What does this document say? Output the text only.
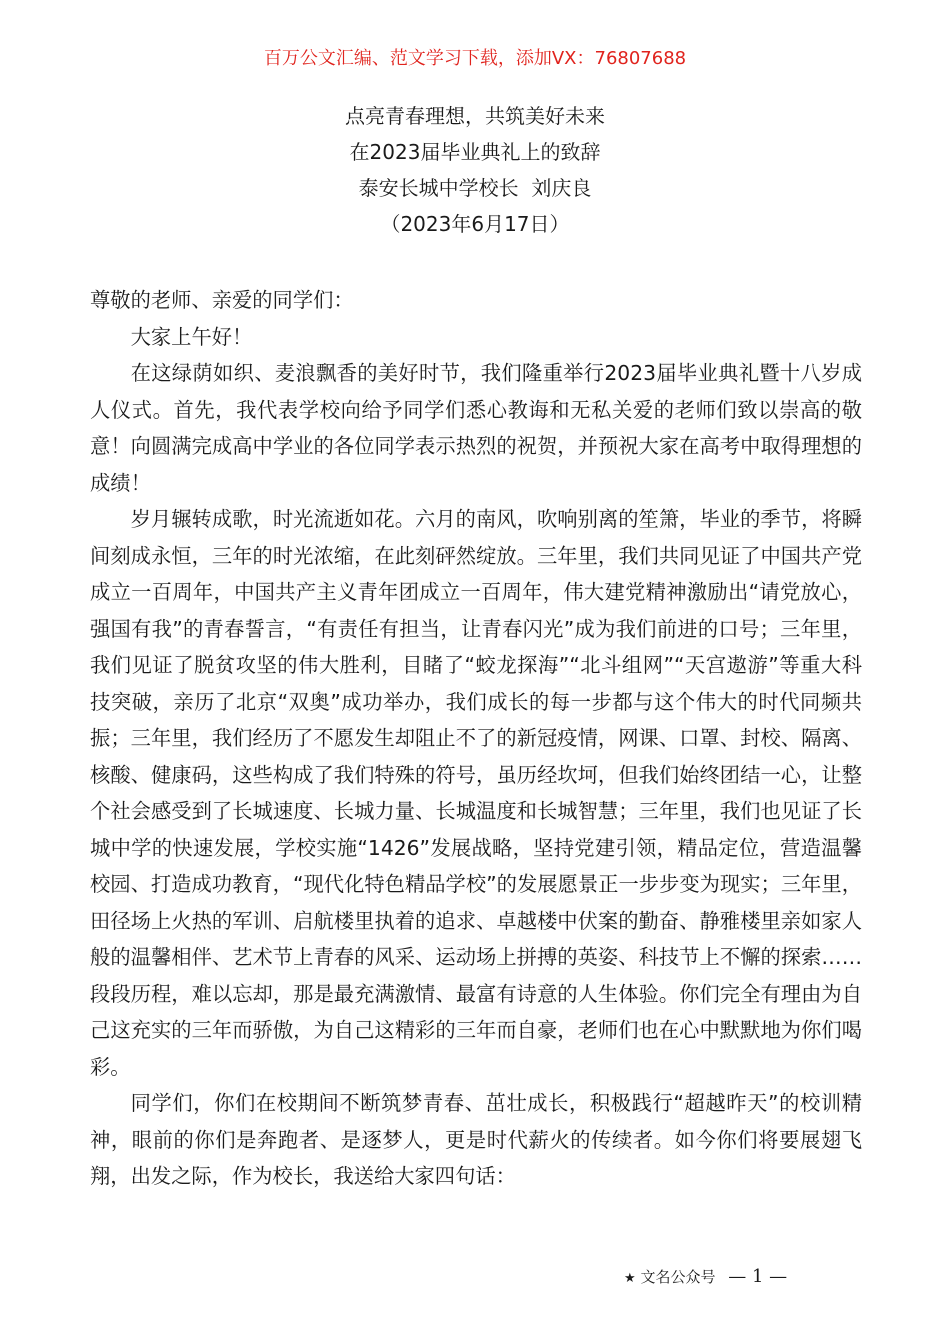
百万公文汇编、范文学习下载，添加VX：76807688
点亮青春理想，共筑美好未来
在2023届毕业典礼上的致辞
泰安长城中学校长  刘庆良
（2023年6月17日）

尊敬的老师、亲爱的同学们：

大家上午好！

在这绿荫如织、麦浪飘香的美好时节，我们隆重举行2023届毕业典礼暨十八岁成人仪式。首先，我代表学校向给予同学们悉心教诲和无私关爱的老师们致以崇高的敬意！向圆满完成高中学业的各位同学表示热烈的祝贺，并预祝大家在高考中取得理想的成绩！

岁月辗转成歌，时光流逝如花。六月的南风，吹响别离的笙箫，毕业的季节，将瞬间刻成永恒，三年的时光浓缩，在此刻砰然绽放。三年里，我们共同见证了中国共产党成立一百周年，中国共产主义青年团成立一百周年，伟大建党精神激励出“请党放心，强国有我”的青春誓言，“有责任有担当，让青春闪光”成为我们前进的口号；三年里，我们见证了脱贫攻坚的伟大胜利，目睹了“蛟龙探海”“北斗组网”“天宫遨游”等重大科技突破，亲历了北京“双奥”成功举办，我们成长的每一步都与这个伟大的时代同频共振；三年里，我们经历了不愿发生却阻止不了的新冠疫情，网课、口罩、封校、隔离、核酸、健康码，这些构成了我们特殊的符号，虽历经坎坷，但我们始终团结一心，让整个社会感受到了长城速度、长城力量、长城温度和长城智慧；三年里，我们也见证了长城中学的快速发展，学校实施“1426”发展战略，坚持党建引领，精品定位，营造温馨校园、打造成功教育，“现代化特色精品学校”的发展愿景正一步步变为现实；三年里，田径场上火热的军训、启航楼里执着的追求、卓越楼中伏案的勤奋、静雅楼里亲如家人般的温馨相伴、艺术节上青春的风采、运动场上拼搏的英姿、科技节上不懈的探索……段段历程，难以忘却，那是最充满激情、最富有诗意的人生体验。你们完全有理由为自己这充实的三年而骄傲，为自己这精彩的三年而自豪，老师们也在心中默默地为你们喝彩。

同学们，你们在校期间不断筑梦青春、茁壮成长，积极践行“超越昨天”的校训精神，眼前的你们是奔跑者、是逐梦人，更是时代薪火的传续者。如今你们将要展翅飞翔，出发之际，作为校长，我送给大家四句话：

★ 文名公众号 — 1 —
